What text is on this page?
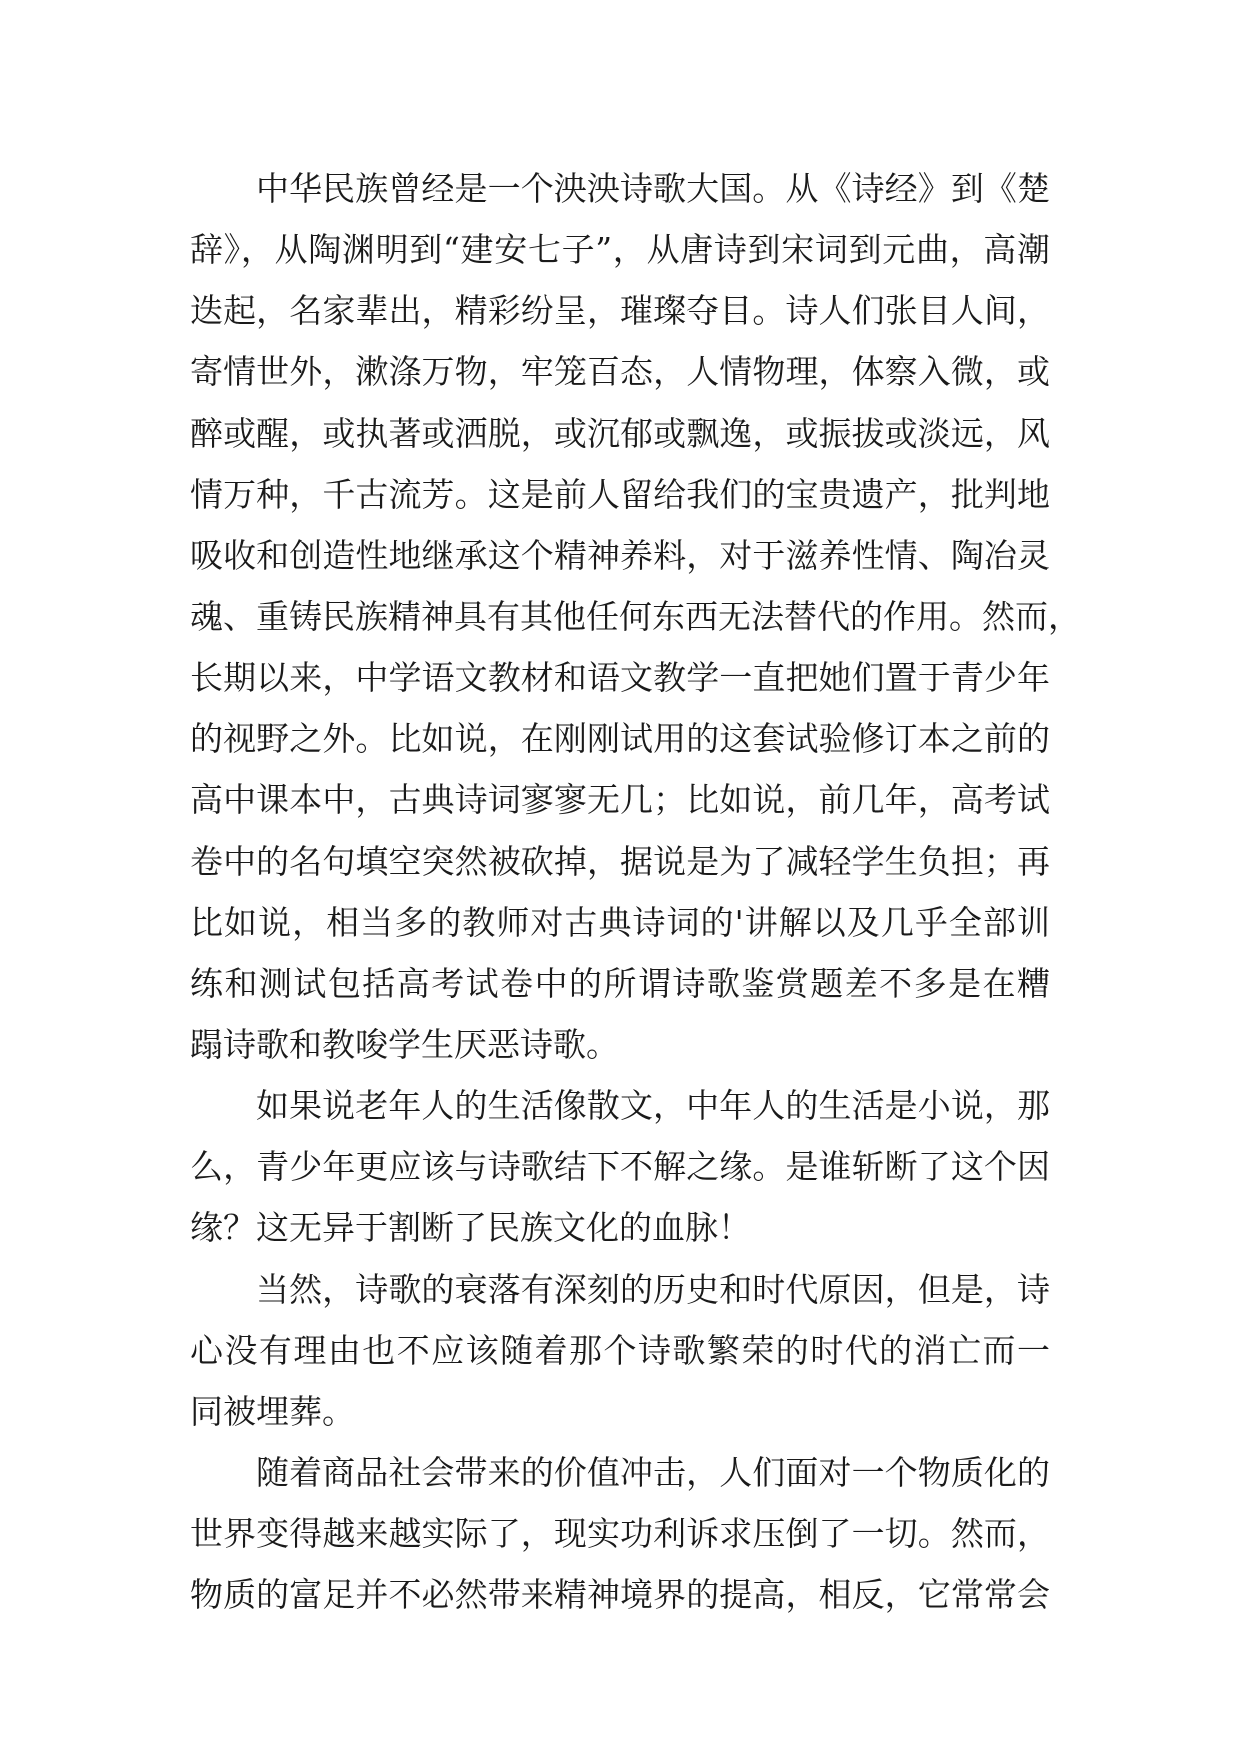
中华民族曾经是一个泱泱诗歌大国。从《诗经》到《楚
辞》，从陶渊明到“建安七子”，从唐诗到宋词到元曲，高潮
迭起，名家辈出，精彩纷呈，璀璨夺目。诗人们张目人间，
寄情世外，漱涤万物，牢笼百态，人情物理，体察入微，或
醉或醒，或执著或洒脱，或沉郁或飘逸，或振拔或淡远，风
情万种，千古流芳。这是前人留给我们的宝贵遗产，批判地
吸收和创造性地继承这个精神养料，对于滋养性情、陶冶灵
魂、重铸民族精神具有其他任何东西无法替代的作用。然而，
长期以来，中学语文教材和语文教学一直把她们置于青少年
的视野之外。比如说，在刚刚试用的这套试验修订本之前的
高中课本中，古典诗词寥寥无几；比如说，前几年，高考试
卷中的名句填空突然被砍掉，据说是为了减轻学生负担；再
比如说，相当多的教师对古典诗词的'讲解以及几乎全部训
练和测试包括高考试卷中的所谓诗歌鉴赏题差不多是在糟
蹋诗歌和教唆学生厌恶诗歌。
如果说老年人的生活像散文，中年人的生活是小说，那
么，青少年更应该与诗歌结下不解之缘。是谁斩断了这个因
缘？这无异于割断了民族文化的血脉！
当然，诗歌的衰落有深刻的历史和时代原因，但是，诗
心没有理由也不应该随着那个诗歌繁荣的时代的消亡而一
同被埋葬。
随着商品社会带来的价值冲击，人们面对一个物质化的
世界变得越来越实际了，现实功利诉求压倒了一切。然而，
物质的富足并不必然带来精神境界的提高，相反，它常常会
